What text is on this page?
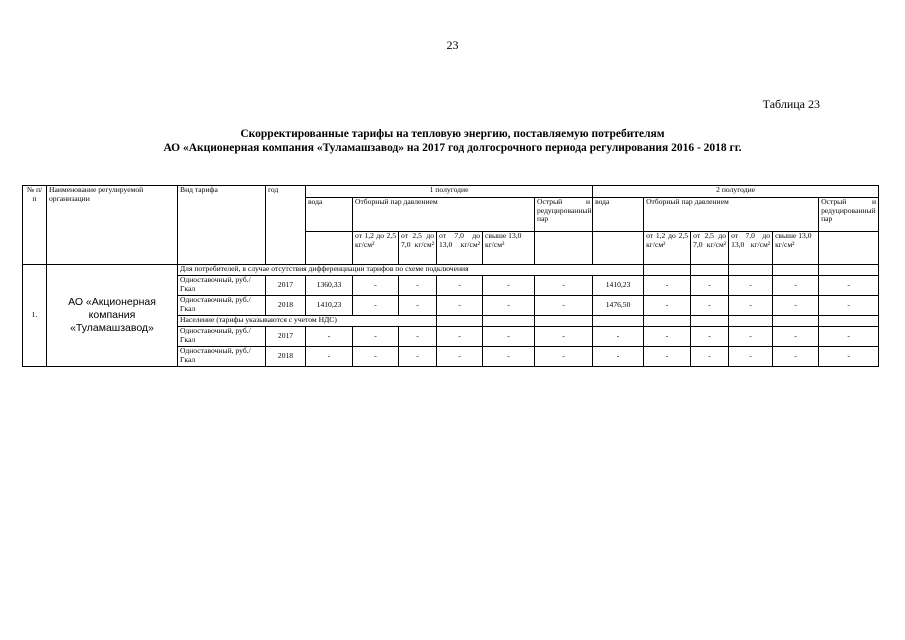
23
Таблица 23
Скорректированные тарифы на тепловую энергию, поставляемую потребителям
АО «Акционерная компания «Туламашзавод» на 2017 год долгосрочного периода регулирования 2016 - 2018 гг.
№ п/п	Наименование регулируемой организации	Вид тарифа	год	1 полугодие						2 полугодие						
				вода	Отборный пар давлением				Острый и редуцированный пар	вода	Отборный пар давлением				Острый и редуцированный пар	
					от 1,2 до 2,5 кг/см²	от 2,5 до 7,0 кг/см²	от 7,0 до 13,0 кг/см²	свыше 13,0 кг/см²			от 1,2 до 2,5 кг/см²	от 2,5 до 7,0 кг/см²	от 7,0 до 13,0 кг/см²	свыше 13,0 кг/см²		
1.	АО «Акционерная компания «Туламашзавод»	Для потребителей, в случае отсутствия дифференциации тарифов по схеме подключения														
		Одноставочный, руб./Гкал	2017	1360,33	-	-	-	-	-	1410,23	-	-	-	-	-	
		Одноставочный, руб./Гкал	2018	1410,23	-	-	-	-	-	1476,50	-	-	-	-	-	
		Население (тарифы указываются с учетом НДС)														
		Одноставочный, руб./Гкал	2017	-	-	-	-	-	-	-	-	-	-	-	-	
		Одноставочный, руб./Гкал	2018	-	-	-	-	-	-	-	-	-	-	-	-	
